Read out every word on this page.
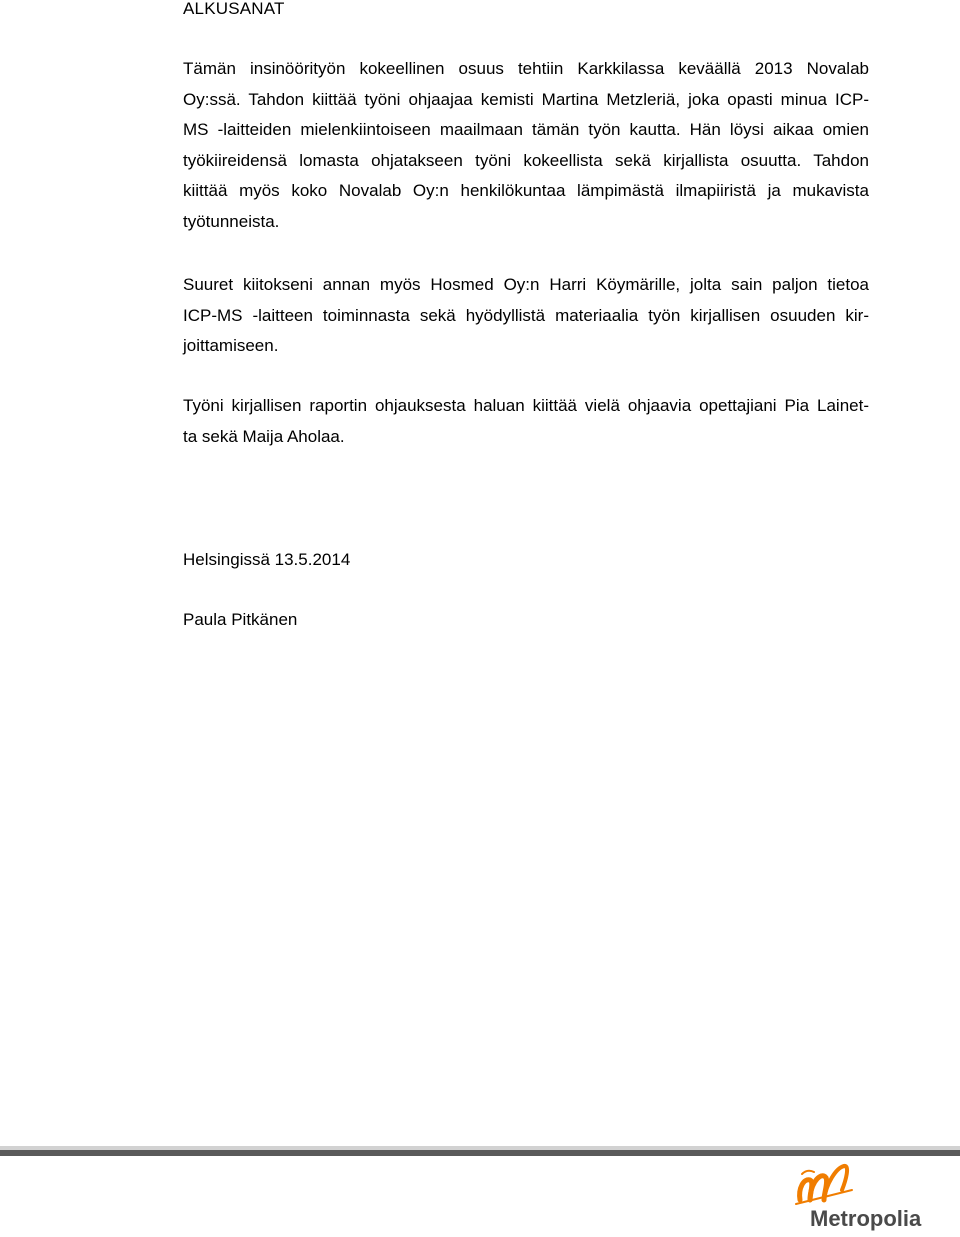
ALKUSANAT
Tämän insinöörityön kokeellinen osuus tehtiin Karkkilassa keväällä 2013 Novalab
Oy:ssä. Tahdon kiittää työni ohjaajaa kemisti Martina Metzleriä, joka opasti minua ICP-
MS -laitteiden mielenkiintoiseen maailmaan tämän työn kautta. Hän löysi aikaa omien
työkiireidensä lomasta ohjatakseen työni kokeellista sekä kirjallista osuutta. Tahdon
kiittää myös koko Novalab Oy:n henkilökuntaa lämpimästä ilmapiiristä ja mukavista
työtunneista.
Suuret kiitokseni annan myös Hosmed Oy:n Harri Köymärille, jolta sain paljon tietoa
ICP-MS -laitteen toiminnasta sekä hyödyllistä materiaalia työn kirjallisen osuuden kir-
joittamiseen.
Työni kirjallisen raportin ohjauksesta haluan kiittää vielä ohjaavia opettajiani Pia Lainet-
ta sekä Maija Aholaa.

Helsingissä 13.5.2014

Paula Pitkänen

Metropolia
